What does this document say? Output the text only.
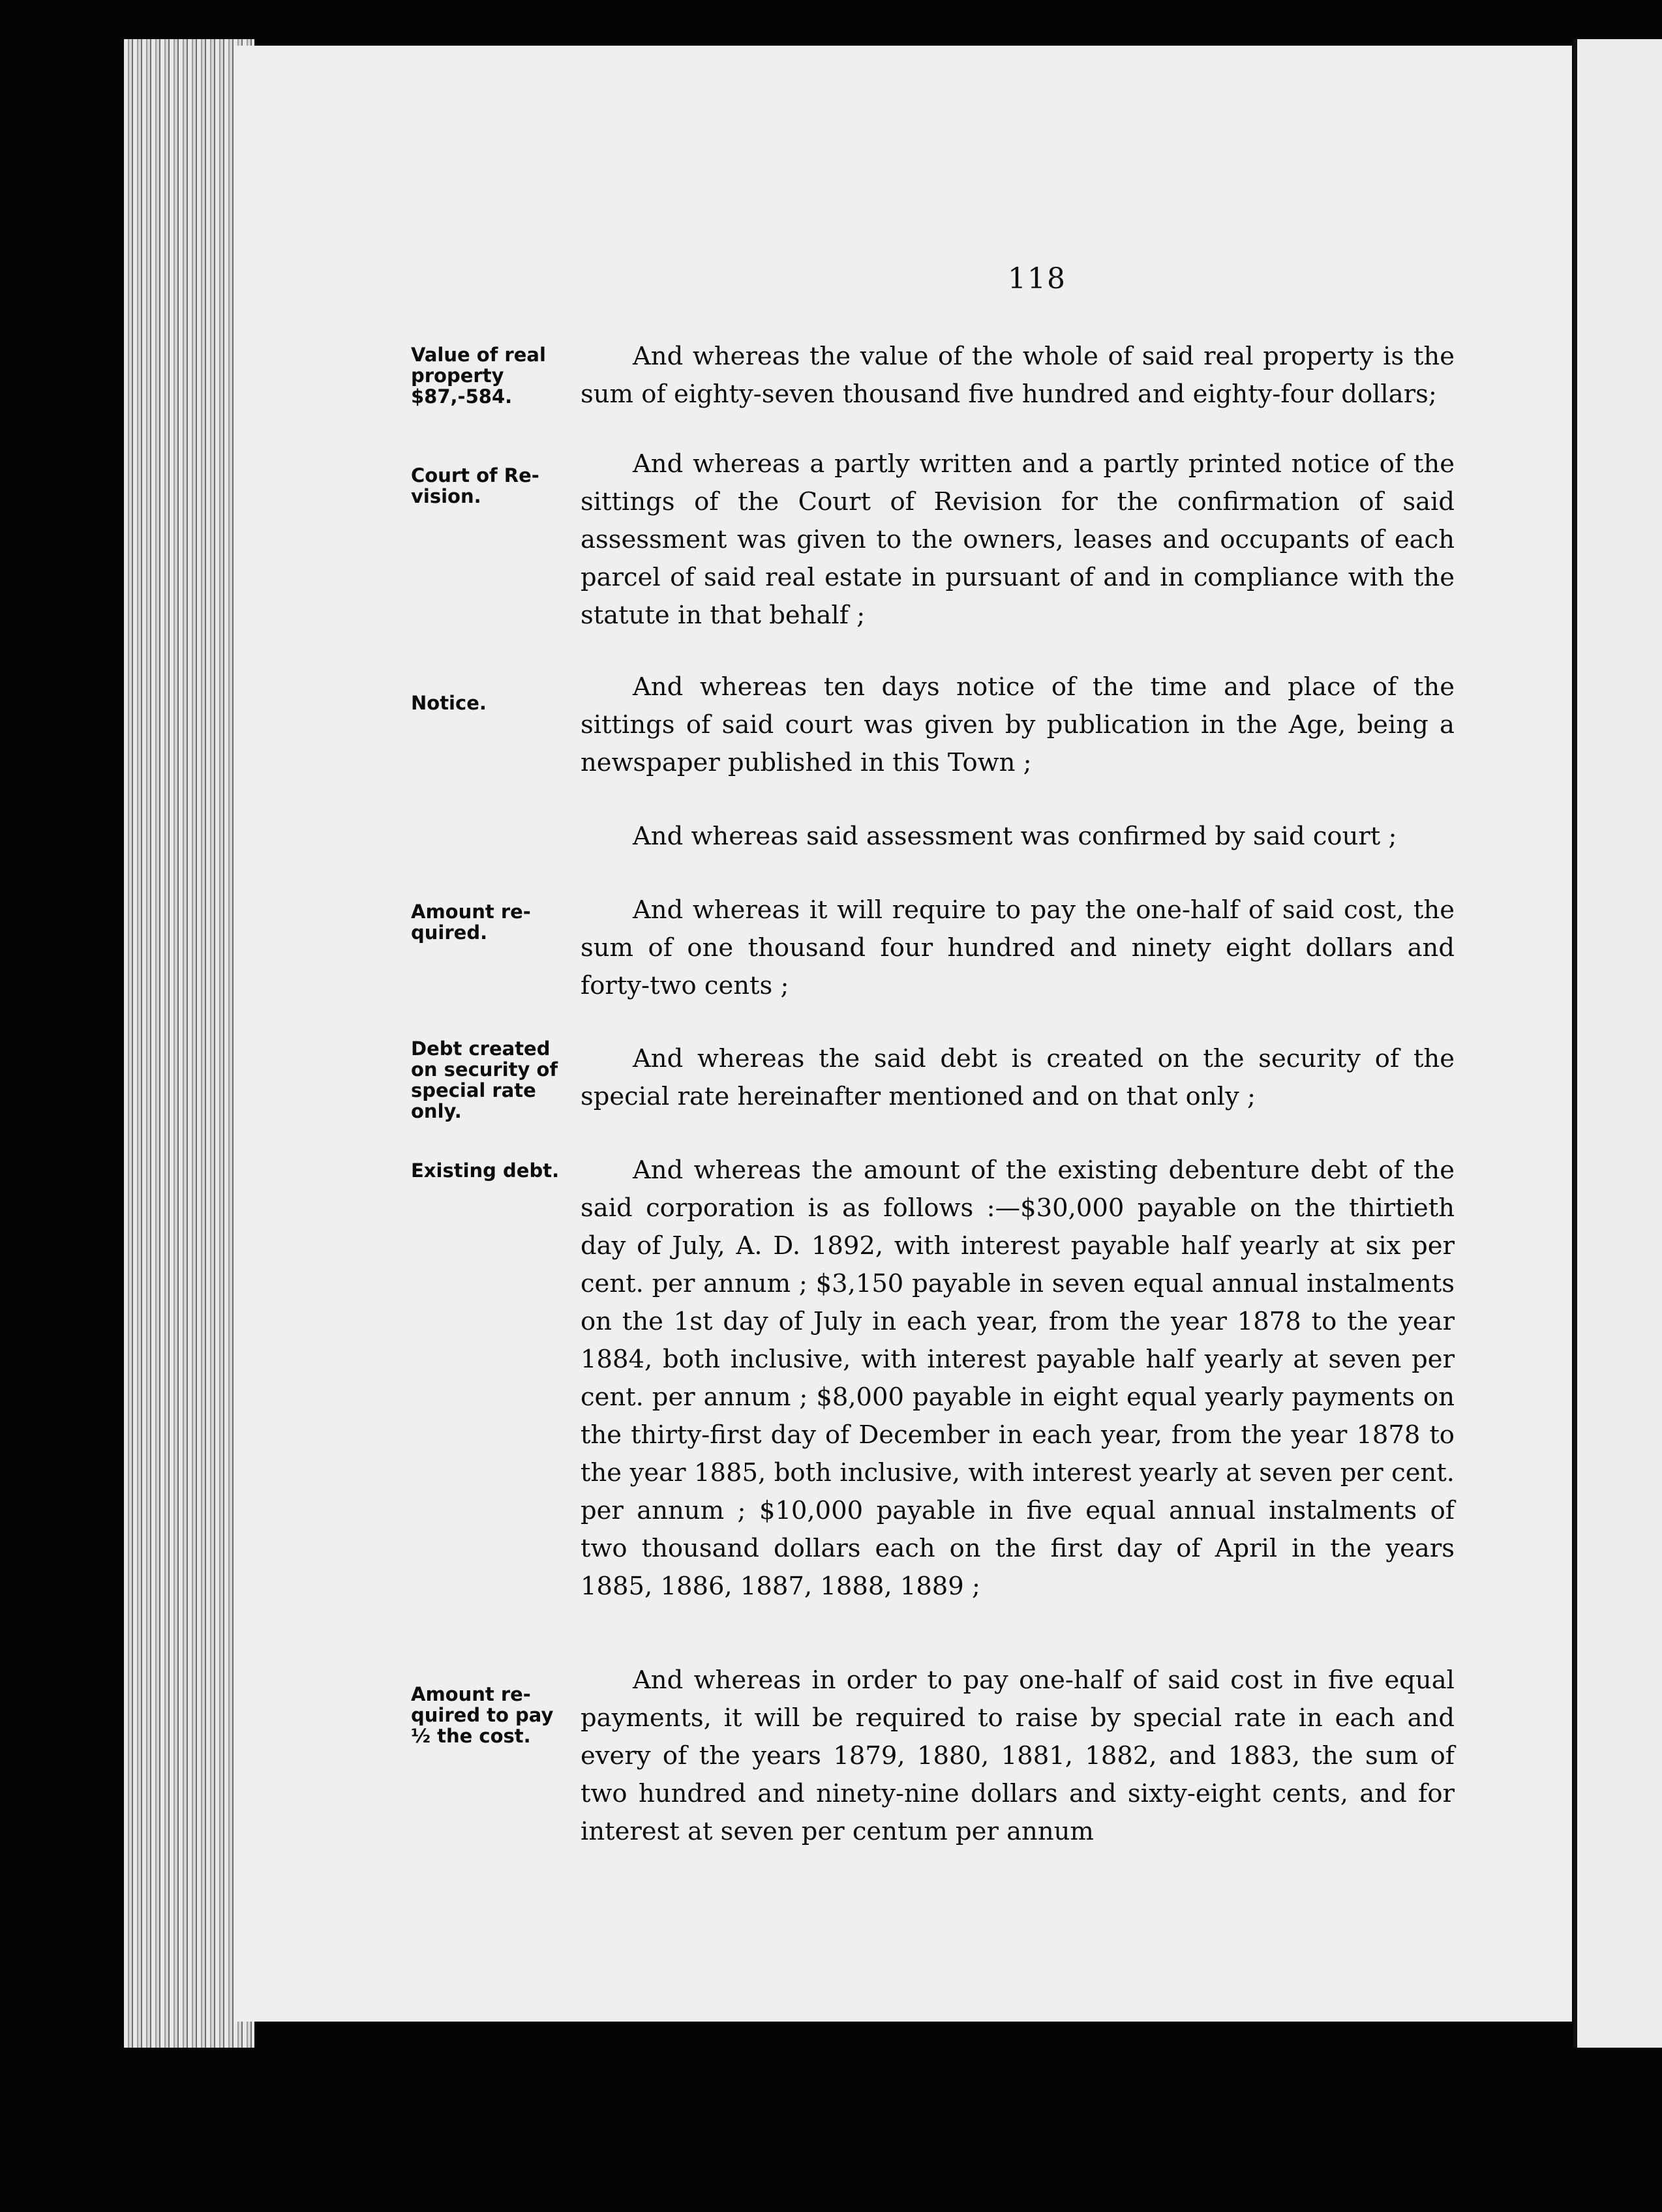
118
Value of real property $87,-584.
And whereas the value of the whole of said real property is the sum of eighty-seven thousand five hundred and eighty-four dollars;
Court of Re-vision.
And whereas a partly written and a partly printed notice of the sittings of the Court of Revision for the confirmation of said assessment was given to the owners, leases and occupants of each parcel of said real estate in pursuant of and in compliance with the statute in that behalf ;
Notice.
And whereas ten days notice of the time and place of the sittings of said court was given by publication in the Age, being a newspaper published in this Town ;
And whereas said assessment was confirmed by said court ;
Amount re-quired.
And whereas it will require to pay the one-half of said cost, the sum of one thousand four hundred and ninety eight dollars and forty-two cents ;
Debt created on security of special rate only.
And whereas the said debt is created on the security of the special rate hereinafter mentioned and on that only ;
Existing debt.	And whereas the amount of the existing debenture debt of the said corporation is as follows :—$30,000 payable on the thirtieth day of July, A. D. 1892, with interest payable half yearly at six per cent. per annum ; $3,150 payable in seven equal annual instalments on the 1st day of July in each year, from the year 1878 to the year 1884, both inclusive, with interest payable half yearly at seven per cent. per annum ; $8,000 payable in eight equal yearly payments on the thirty-first day of December in each year, from the year 1878 to the year 1885, both inclusive, with interest yearly at seven per cent. per annum ; $10,000 payable in five equal annual instalments of two thousand dollars each on the first day of April in the years 1885, 1886, 1887, 1888, 1889 ;
Amount re-quired to pay ½ the cost.
And whereas in order to pay one-half of said cost in five equal payments, it will be required to raise by special rate in each and every of the years 1879, 1880, 1881, 1882, and 1883, the sum of two hundred and ninety-nine dollars and sixty-eight cents, and for interest at seven per centum per annum
